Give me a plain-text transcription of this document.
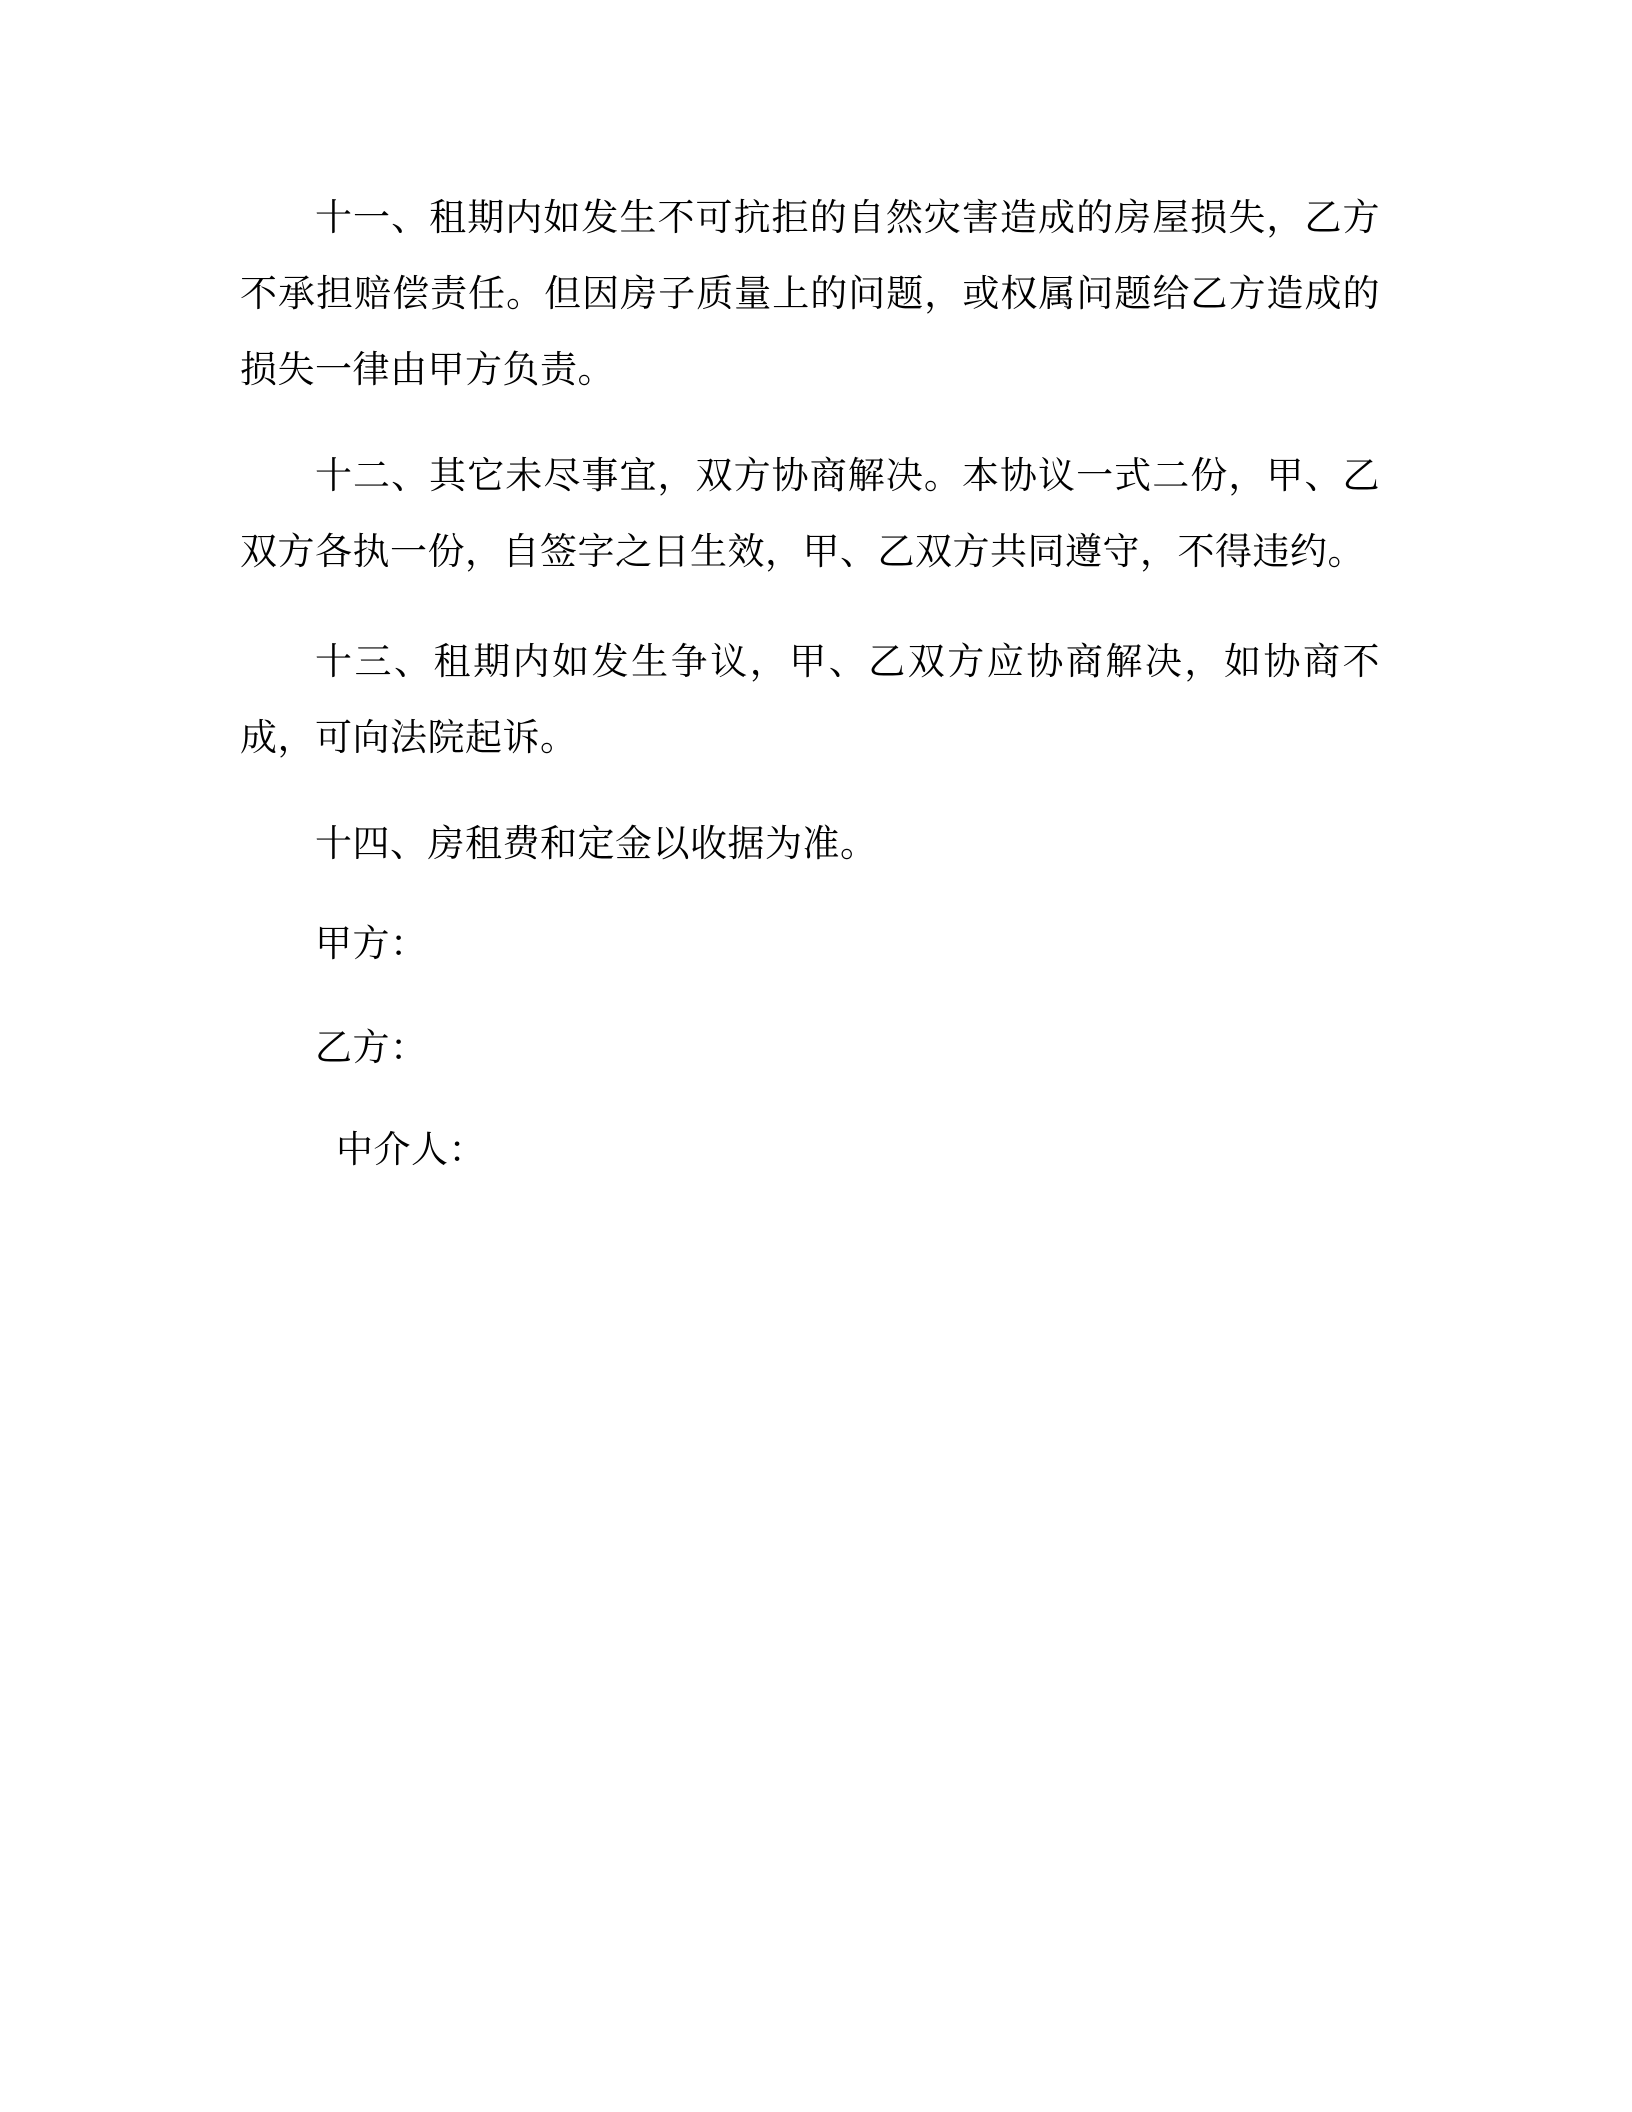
十一、租期内如发生不可抗拒的自然灾害造成的房屋损失，乙方不承担赔偿责任。但因房子质量上的问题，或权属问题给乙方造成的损失一律由甲方负责。

十二、其它未尽事宜，双方协商解决。本协议一式二份，甲、乙双方各执一份，自签字之日生效，甲、乙双方共同遵守，不得违约。

十三、租期内如发生争议，甲、乙双方应协商解决，如协商不成，可向法院起诉。

十四、房租费和定金以收据为准。

甲方：

乙方：

中介人：
